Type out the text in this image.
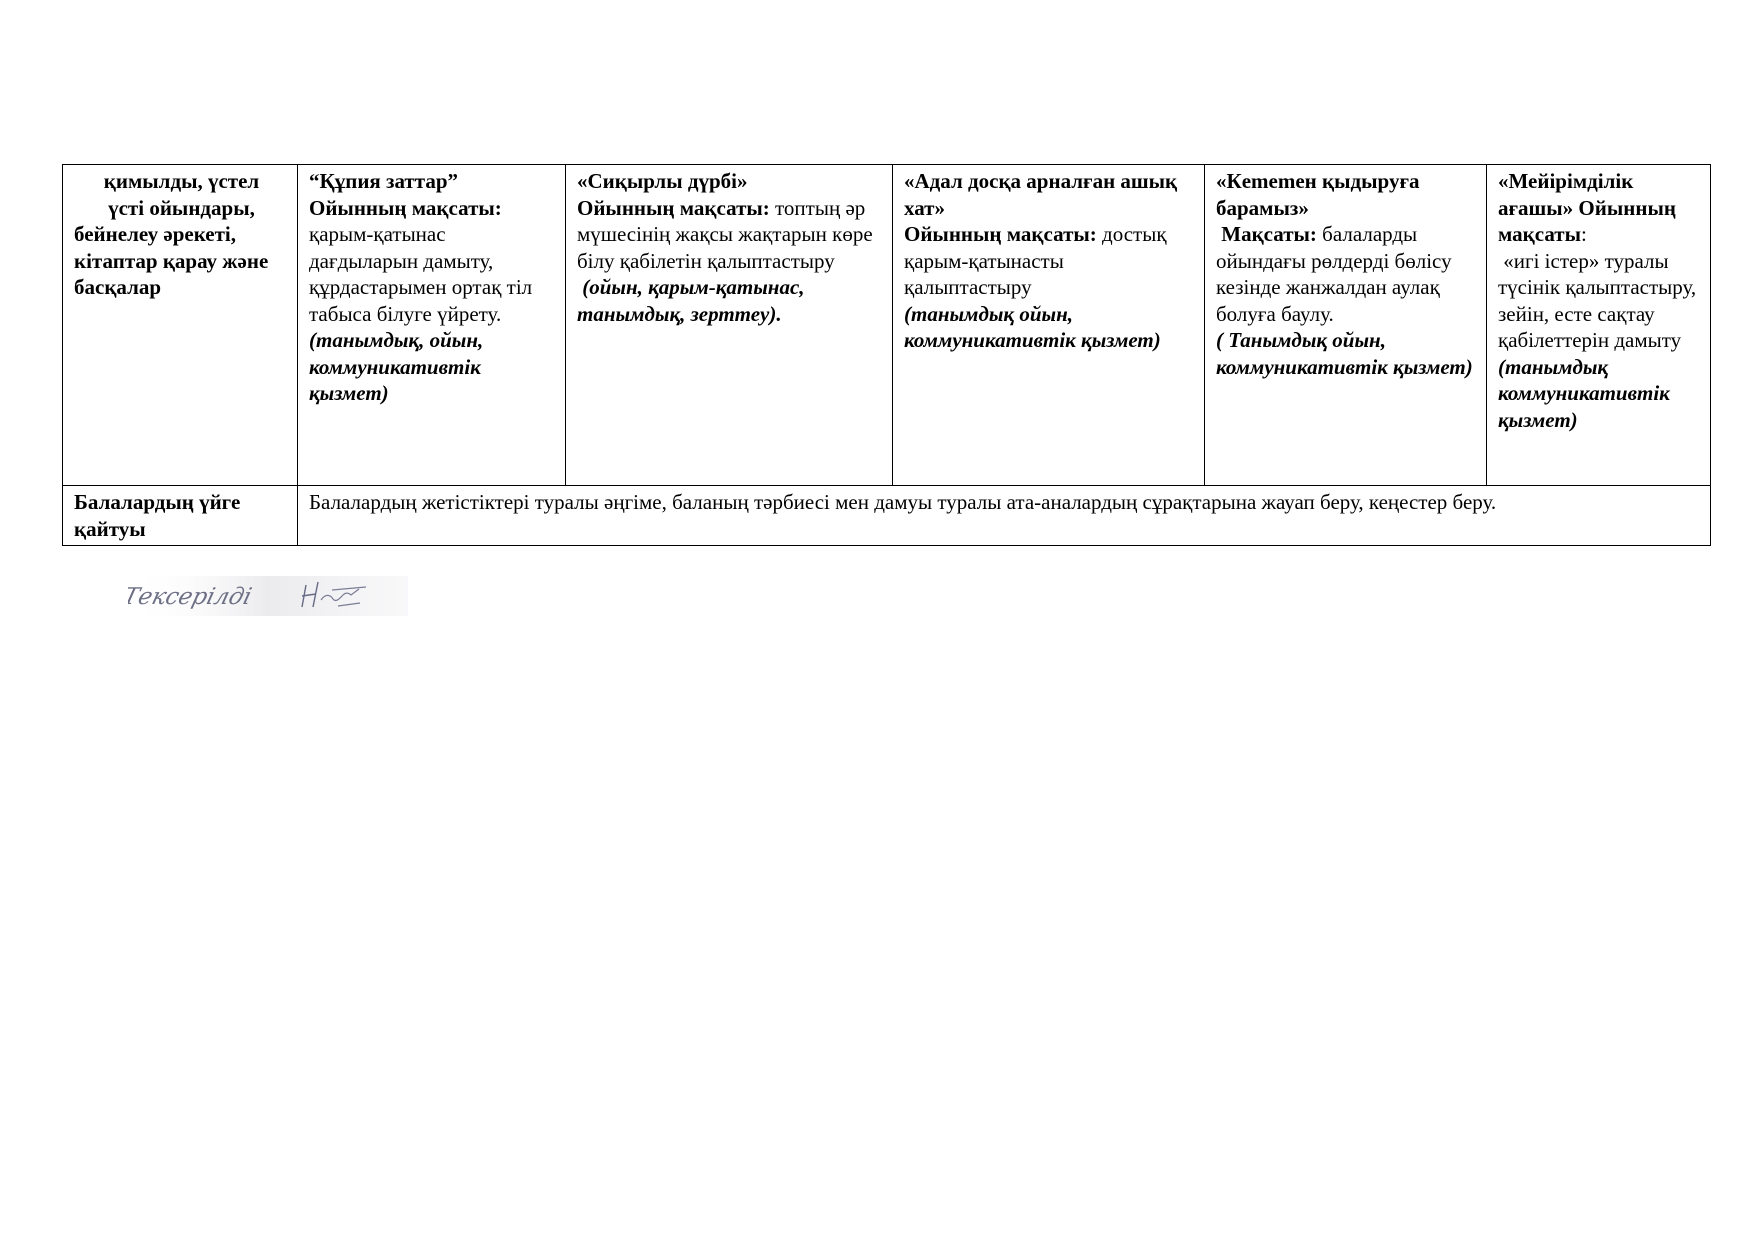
қимылды, үстел
үсті ойындары,
бейнелеу әрекеті, кітаптар қарау және басқалар	“Құпия заттар”
Ойынның мақсаты:
қарым-қатынас дағдыларын дамыту, құрдастарымен ортақ тіл табыса білуге үйрету. (танымдық, ойын, коммуникативтік қызмет)	«Сиқырлы дүрбі»
Ойынның мақсаты: топтың әр мүшесінің жақсы жақтарын көре білу қабілетін қалыптастыру
(ойын, қарым-қатынас, танымдық, зерттеу).	«Адал досқа арналған ашық хат»
Ойынның мақсаты: достық қарым-қатынасты қалыптастыру
(танымдық ойын, коммуникативтік қызмет)	«Кememен қыдыруға барамыз»
Мақсаты: балаларды ойындағы рөлдерді бөлісу кезінде жанжалдан аулақ болуға баулу.
( Танымдық ойын, коммуникативтік қызмет)	«Мейірімділік ағашы» Ойынның мақсаты:
«игі істер» туралы түсінік қалыптастыру, зейін, есте сақтау қабілеттерін дамыту
(танымдық коммуникативтік қызмет)
Балалардың үйге қайтуы	Балалардың жетістіктері туралы әңгіме, баланың тәрбиесі мен дамуы туралы ата-аналардың сұрақтарына жауап беру, кеңестер беру.				
Тексерілді
